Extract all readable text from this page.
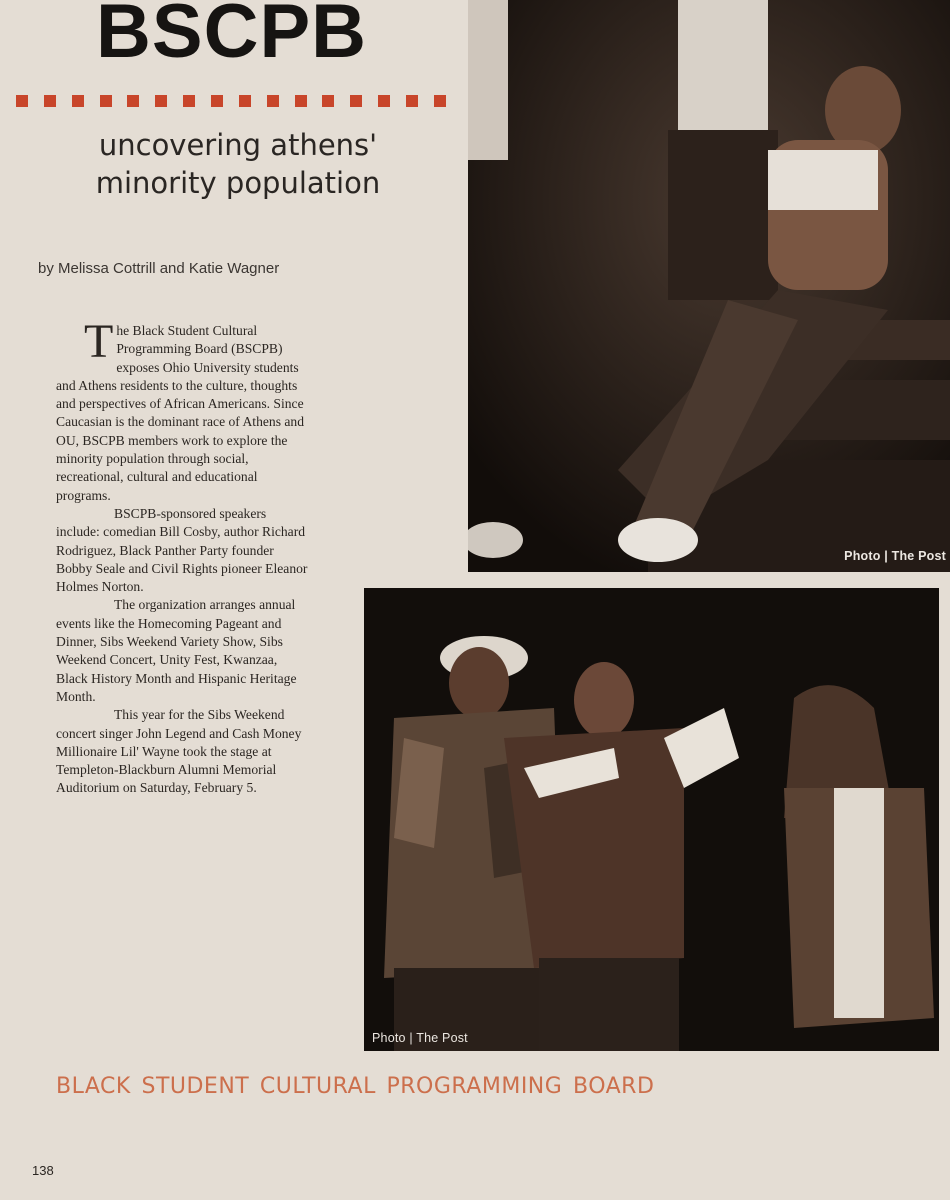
BSCPB
uncovering athens'
minority population
by Melissa Cottrill and Katie Wagner

The Black Student Cultural Programming Board (BSCPB) exposes Ohio University students and Athens residents to the culture, thoughts and perspectives of African Americans. Since Caucasian is the dominant race of Athens and OU, BSCPB members work to explore the minority population through social, recreational, cultural and educational programs.

BSCPB-sponsored speakers include: comedian Bill Cosby, author Richard Rodriguez, Black Panther Party founder Bobby Seale and Civil Rights pioneer Eleanor Holmes Norton.

The organization arranges annual events like the Homecoming Pageant and Dinner, Sibs Weekend Variety Show, Sibs Weekend Concert, Unity Fest, Kwanzaa, Black History Month and Hispanic Heritage Month.

This year for the Sibs Weekend concert singer John Legend and Cash Money Millionaire Lil' Wayne took the stage at Templeton-Blackburn Alumni Memorial Auditorium on Saturday, February 5.

Photo | The Post
Photo | The Post
black student cultural programming board
138
